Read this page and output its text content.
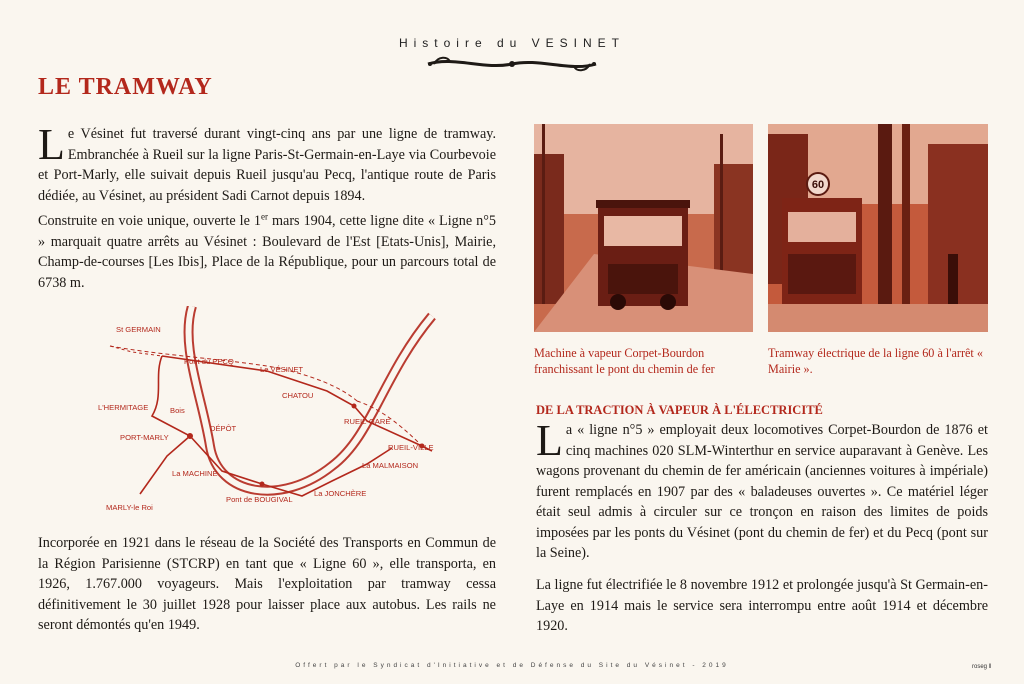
Histoire du VESINET
LE TRAMWAY

Le Vésinet fut traversé durant vingt-cinq ans par une ligne de tramway. Embranchée à Rueil sur la ligne Paris-St-Germain-en-Laye via Courbevoie et Port-Marly, elle suivait depuis Rueil jusqu'au Pecq, l'antique route de Paris dédiée, au Vésinet, au président Sadi Carnot depuis 1894.

Construite en voie unique, ouverte le 1er mars 1904, cette ligne dite « Ligne n°5 » marquait quatre arrêts au Vésinet : Boulevard de l'Est [Etats-Unis], Mairie, Champ-de-courses [Les Ibis], Place de la République, pour un parcours total de 6738 m.

St GERMAIN
Pont du PECQ
Le VÉSINET
CHATOU
RUEIL-GARE
RUEIL-VILLE
L'HERMITAGE	Bois
PORT-MARLY
DÉPÔT
La MACHINE
La MALMAISON
La JONCHÈRE
Pont de BOUGIVAL
MARLY-le Roi

Incorporée en 1921 dans le réseau de la Société des Transports en Commun de la Région Parisienne (STCRP) en tant que « Ligne 60 », elle transporta, en 1926, 1.767.000 voyageurs. Mais l'exploitation par tramway cessa définitivement le 30 juillet 1928 pour laisser place aux autobus. Les rails ne seront démontés qu'en 1949.

60
Machine à vapeur Corpet-Bourdon franchissant le pont du chemin de fer
Tramway électrique de la ligne 60 à l'arrêt « Mairie ».
DE LA TRACTION À VAPEUR À L'ÉLECTRICITÉ

La « ligne n°5 » employait deux locomotives Corpet-Bourdon de 1876 et cinq machines 020 SLM-Winterthur en service auparavant à Genève. Les wagons provenant du chemin de fer américain (anciennes voitures à impériale) furent remplacés en 1907 par des « baladeuses ouvertes ». Ce matériel léger était seul admis à circuler sur ce tronçon en raison des limites de poids imposées par les ponts du Vésinet (pont du chemin de fer) et du Pecq (pont sur la Seine).

La ligne fut électrifiée le 8 novembre 1912 et prolongée jusqu'à St Germain-en-Laye en 1914 mais le service sera interrompu entre août 1914 et décembre 1920.

Offert par le Syndicat d'Initiative et de Défense du Site du Vésinet - 2019	roseg ll
